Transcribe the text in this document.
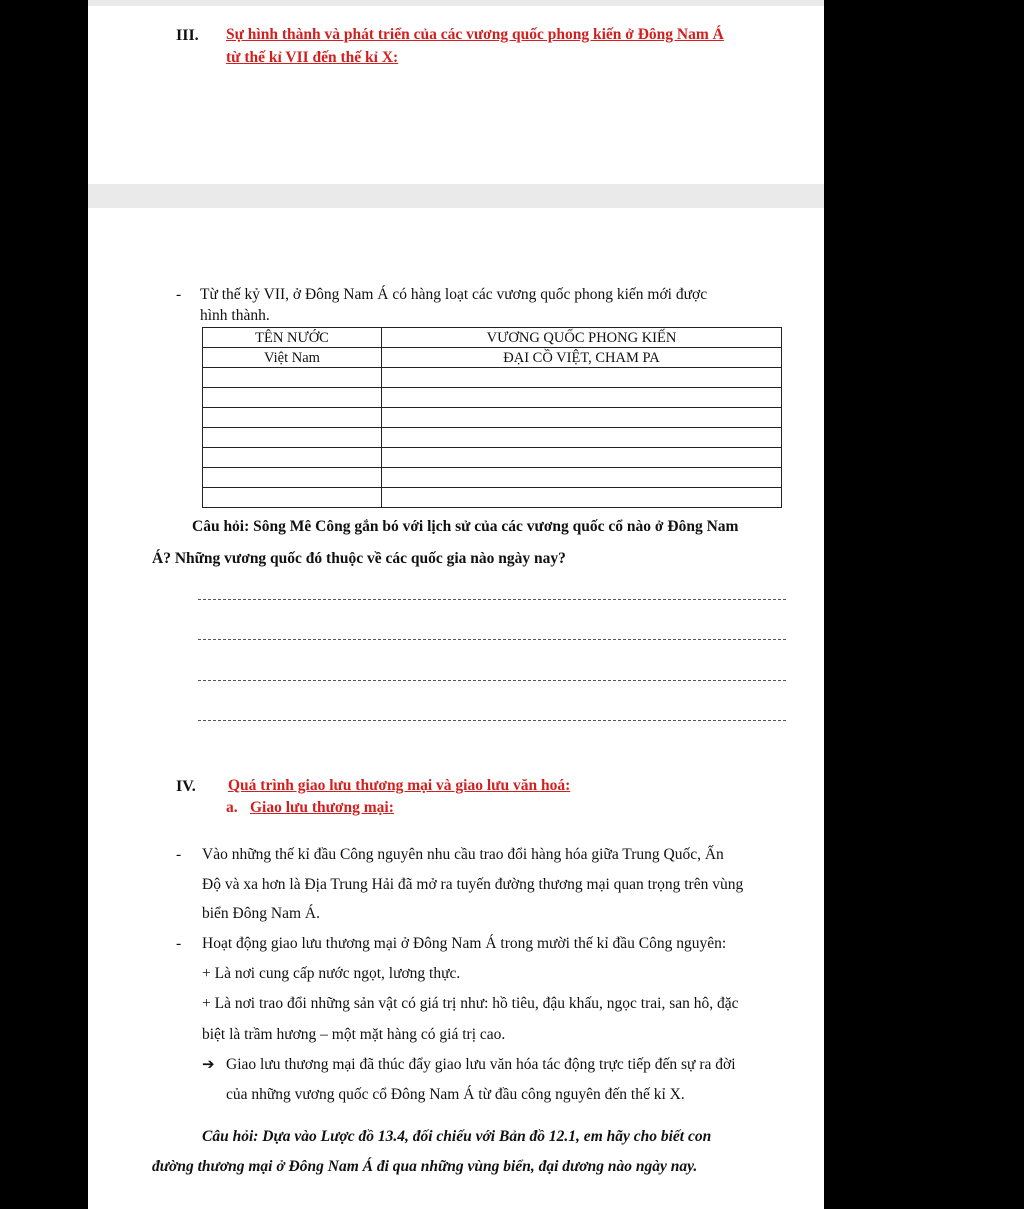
III. Sự hình thành và phát triển của các vương quốc phong kiến ở Đông Nam Á
từ thế kỉ VII đến thế kỉ X:
- Từ thế kỷ VII, ở Đông Nam Á có hàng loạt các vương quốc phong kiến mới được
hình thành.
TÊN NƯỚC	VƯƠNG QUỐC PHONG KIẾN
Việt Nam	ĐẠI CỒ VIỆT, CHAM PA

Câu hỏi: Sông Mê Công gắn bó với lịch sử của các vương quốc cổ nào ở Đông Nam
Á? Những vương quốc đó thuộc về các quốc gia nào ngày nay?
IV. Quá trình giao lưu thương mại và giao lưu văn hoá:
a. Giao lưu thương mại:
- Vào những thế kỉ đầu Công nguyên nhu cầu trao đổi hàng hóa giữa Trung Quốc, Ấn
Độ và xa hơn là Địa Trung Hải đã mở ra tuyến đường thương mại quan trọng trên vùng
biển Đông Nam Á.
- Hoạt động giao lưu thương mại ở Đông Nam Á trong mười thế kỉ đầu Công nguyên:
+ Là nơi cung cấp nước ngọt, lương thực.
+ Là nơi trao đổi những sản vật có giá trị như: hồ tiêu, đậu khấu, ngọc trai, san hô, đặc
biệt là trầm hương – một mặt hàng có giá trị cao.
➔ Giao lưu thương mại đã thúc đẩy giao lưu văn hóa tác động trực tiếp đến sự ra đời
của những vương quốc cổ Đông Nam Á từ đầu công nguyên đến thế kỉ X.
Câu hỏi: Dựa vào Lược đồ 13.4, đối chiếu với Bản đồ 12.1, em hãy cho biết con
đường thương mại ở Đông Nam Á đi qua những vùng biển, đại dương nào ngày nay.
